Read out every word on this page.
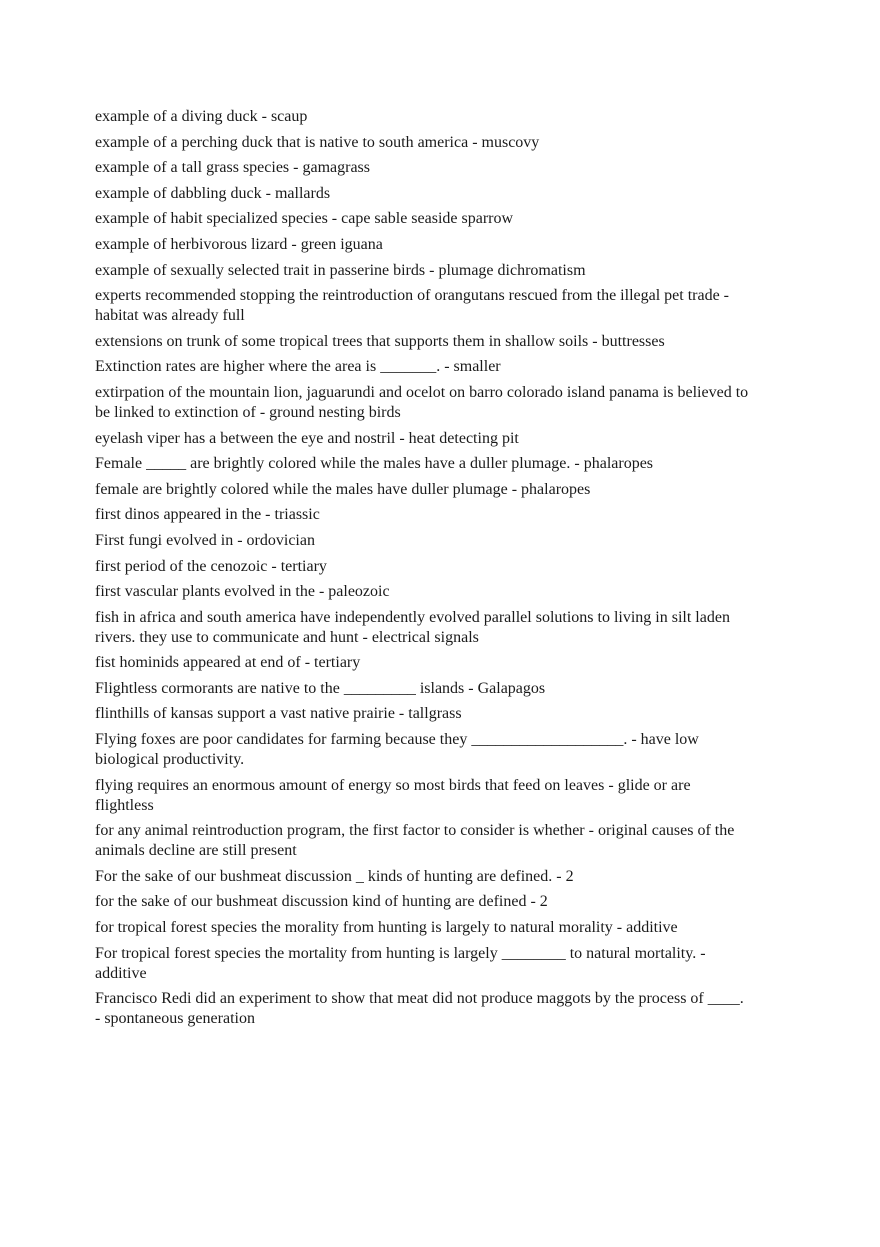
example of a diving duck - scaup
example of a perching duck that is native to south america - muscovy
example of a tall grass species - gamagrass
example of dabbling duck - mallards
example of habit specialized species - cape sable seaside sparrow
example of herbivorous lizard - green iguana
example of sexually selected trait in passerine birds - plumage dichromatism
experts recommended stopping the reintroduction of orangutans rescued from the illegal pet trade - habitat was already full
extensions on trunk of some tropical trees that supports them in shallow soils - buttresses
Extinction rates are higher where the area is _______. - smaller
extirpation of the mountain lion, jaguarundi and ocelot on barro colorado island panama is believed to be linked to extinction of - ground nesting birds
eyelash viper has a between the eye and nostril - heat detecting pit
Female _____ are brightly colored while the males have a duller plumage. - phalaropes
female are brightly colored while the males have duller plumage - phalaropes
first dinos appeared in the - triassic
First fungi evolved in - ordovician
first period of the cenozoic - tertiary
first vascular plants evolved in the - paleozoic
fish in africa and south america have independently evolved parallel solutions to living in silt laden rivers. they use to communicate and hunt - electrical signals
fist hominids appeared at end of - tertiary
Flightless cormorants are native to the _________ islands - Galapagos
flinthills of kansas support a vast native prairie - tallgrass
Flying foxes are poor candidates for farming because they ___________________. - have low biological productivity.
flying requires an enormous amount of energy so most birds that feed on leaves - glide or are flightless
for any animal reintroduction program, the first factor to consider is whether - original causes of the animals decline are still present
For the sake of our bushmeat discussion _ kinds of hunting are defined. - 2
for the sake of our bushmeat discussion kind of hunting are defined - 2
for tropical forest species the morality from hunting is largely to natural morality - additive
For tropical forest species the mortality from hunting is largely ________ to natural mortality. - additive
Francisco Redi did an experiment to show that meat did not produce maggots by the process of ____. - spontaneous generation
